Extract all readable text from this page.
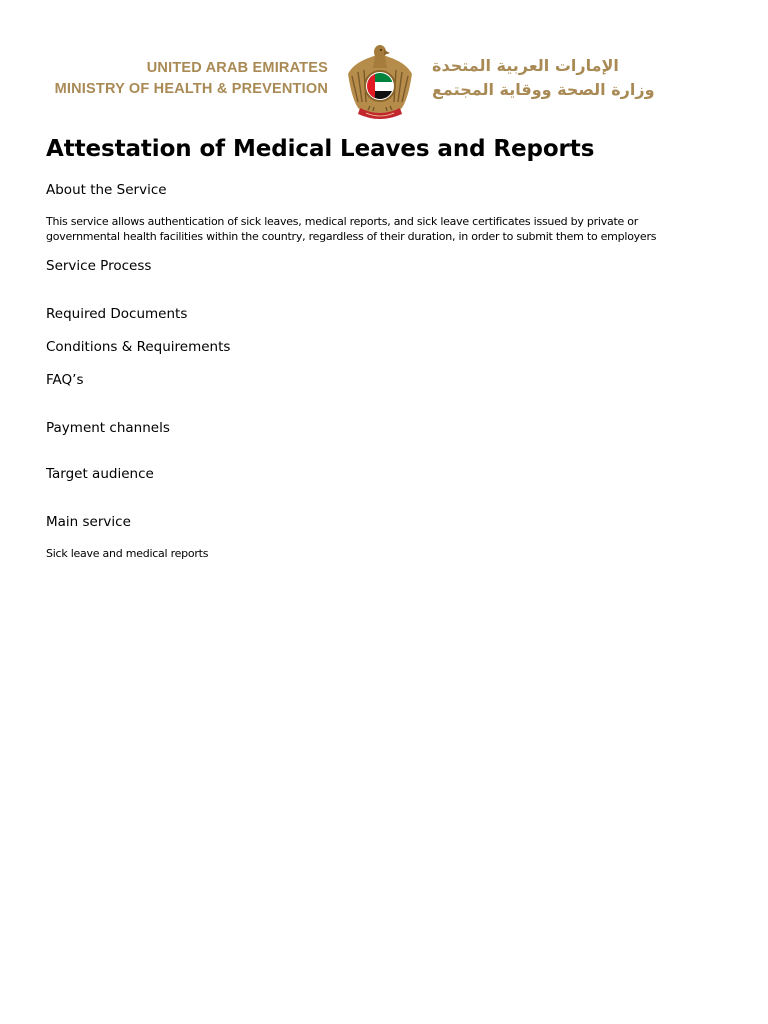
UNITED ARAB EMIRATES
MINISTRY OF HEALTH & PREVENTION
الإمارات العربية المتحدة
وزارة الصحة ووقاية المجتمع
Attestation of Medical Leaves and Reports
About the Service
This service allows authentication of sick leaves, medical reports, and sick leave certificates issued by private or
governmental health facilities within the country, regardless of their duration, in order to submit them to employers
Service Process
Required Documents
Conditions & Requirements
FAQ’s
Payment channels
Target audience
Main service
Sick leave and medical reports
